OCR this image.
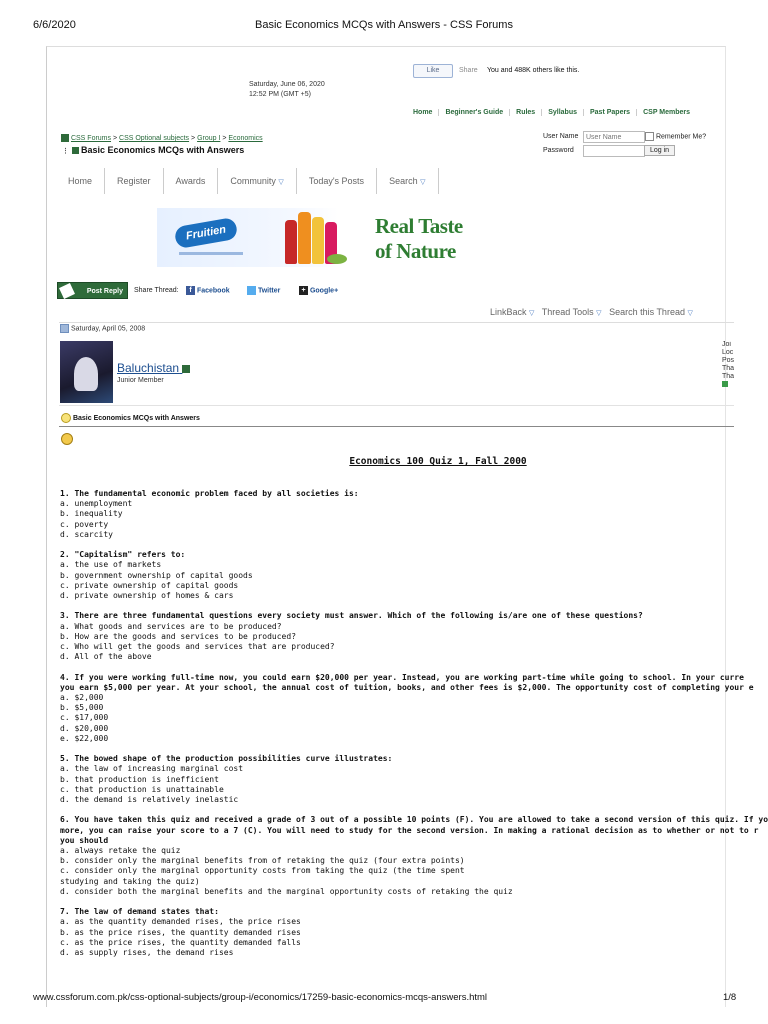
6/6/2020	Basic Economics MCQs with Answers - CSS Forums
Like	Share You and 488K others like this.
Saturday, June 06, 2020
12:52 PM (GMT +5)
Home Beginner's Guide Rules Syllabus Past Papers CSP Members
CSS Forums > CSS Optional subjects > Group I > Economics
⋮ Basic Economics MCQs with Answers
User Name
User Name	Remember Me?
Password	Log in
Home	Register	Awards	Community ▽	Today's Posts	Search ▽
Fruitien	Real Taste
of Nature
Post Reply	Share Thread:	f Facebook	Twitter	+ Google+
LinkBack ▽ Thread Tools ▽ Search this Thread ▽
Saturday, April 05, 2008
Baluchistan
Junior Member
Joi
Loc
Pos
Tha
Tha
Basic Economics MCQs with Answers
Economics 100 Quiz 1, Fall 2000
1. The fundamental economic problem faced by all societies is:
a. unemployment
b. inequality
c. poverty
d. scarcity
2. "Capitalism" refers to:
a. the use of markets
b. government ownership of capital goods
c. private ownership of capital goods
d. private ownership of homes & cars
3. There are three fundamental questions every society must answer. Which of the following is/are one of these questions?
a. What goods and services are to be produced?
b. How are the goods and services to be produced?
c. Who will get the goods and services that are produced?
d. All of the above
4. If you were working full-time now, you could earn $20,000 per year. Instead, you are working part-time while going to school. In your curre
you earn $5,000 per year. At your school, the annual cost of tuition, books, and other fees is $2,000. The opportunity cost of completing your e
a. $2,000
b. $5,000
c. $17,000
d. $20,000
e. $22,000
5. The bowed shape of the production possibilities curve illustrates:
a. the law of increasing marginal cost
b. that production is inefficient
c. that production is unattainable
d. the demand is relatively inelastic
6. You have taken this quiz and received a grade of 3 out of a possible 10 points (F). You are allowed to take a second version of this quiz. If yo
more, you can raise your score to a 7 (C). You will need to study for the second version. In making a rational decision as to whether or not to r
you should
a. always retake the quiz
b. consider only the marginal benefits from of retaking the quiz (four extra points)
c. consider only the marginal opportunity costs from taking the quiz (the time spent
studying and taking the quiz)
d. consider both the marginal benefits and the marginal opportunity costs of retaking the quiz
7. The law of demand states that:
a. as the quantity demanded rises, the price rises
b. as the price rises, the quantity demanded rises
c. as the price rises, the quantity demanded falls
d. as supply rises, the demand rises
www.cssforum.com.pk/css-optional-subjects/group-i/economics/17259-basic-economics-mcqs-answers.html	1/8
